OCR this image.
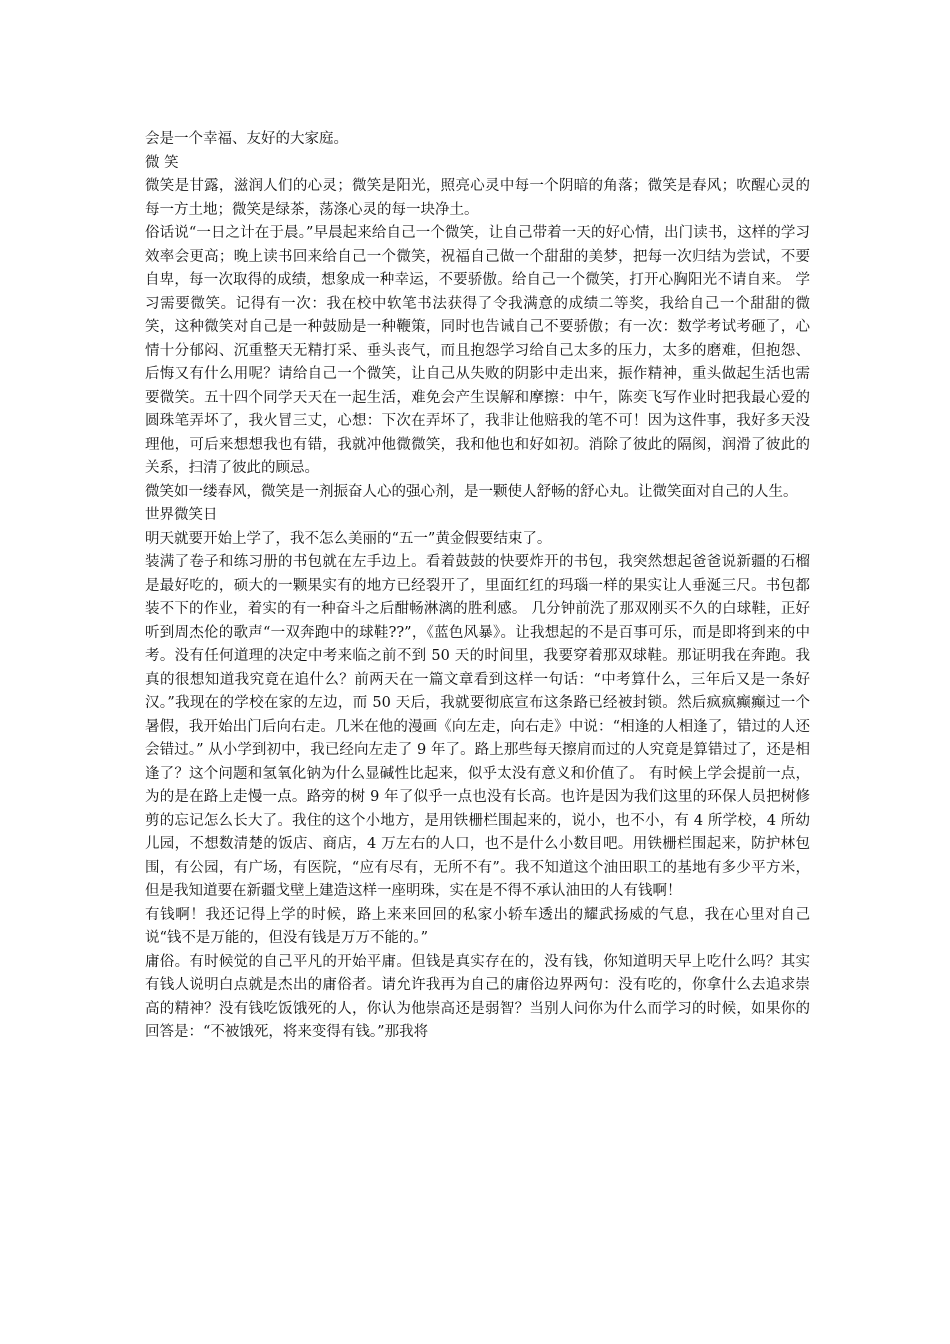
会是一个幸福、友好的大家庭。

微 笑

微笑是甘露，滋润人们的心灵；微笑是阳光，照亮心灵中每一个阴暗的角落；微笑是春风；吹醒心灵的每一方土地；微笑是绿茶，荡涤心灵的每一块净土。

俗话说“一日之计在于晨。”早晨起来给自己一个微笑，让自己带着一天的好心情，出门读书，这样的学习效率会更高；晚上读书回来给自己一个微笑，祝福自己做一个甜甜的美梦，把每一次归结为尝试，不要自卑，每一次取得的成绩，想象成一种幸运，不要骄傲。给自己一个微笑，打开心胸阳光不请自来。 学习需要微笑。记得有一次：我在校中软笔书法获得了令我满意的成绩二等奖，我给自己一个甜甜的微笑，这种微笑对自己是一种鼓励是一种鞭策，同时也告诫自己不要骄傲；有一次：数学考试考砸了，心情十分郁闷、沉重整天无精打采、垂头丧气，而且抱怨学习给自己太多的压力，太多的磨难，但抱怨、后悔又有什么用呢？请给自己一个微笑，让自己从失败的阴影中走出来，振作精神，重头做起生活也需要微笑。五十四个同学天天在一起生活，难免会产生误解和摩擦：中午，陈奕飞写作业时把我最心爱的圆珠笔弄坏了，我火冒三丈，心想：下次在弄坏了，我非让他赔我的笔不可！因为这件事，我好多天没理他，可后来想想我也有错，我就冲他微微笑，我和他也和好如初。消除了彼此的隔阂，润滑了彼此的关系，扫清了彼此的顾忌。

微笑如一缕春风，微笑是一剂振奋人心的强心剂，是一颗使人舒畅的舒心丸。让微笑面对自己的人生。

世界微笑日

明天就要开始上学了，我不怎么美丽的“五一”黄金假要结束了。

装满了卷子和练习册的书包就在左手边上。看着鼓鼓的快要炸开的书包，我突然想起爸爸说新疆的石榴是最好吃的，硕大的一颗果实有的地方已经裂开了，里面红红的玛瑙一样的果实让人垂涎三尺。书包都装不下的作业，着实的有一种奋斗之后酣畅淋漓的胜利感。 几分钟前洗了那双刚买不久的白球鞋，正好听到周杰伦的歌声“一双奔跑中的球鞋??”，《蓝色风暴》。让我想起的不是百事可乐，而是即将到来的中考。没有任何道理的决定中考来临之前不到 50 天的时间里，我要穿着那双球鞋。那证明我在奔跑。我真的很想知道我究竟在追什么？前两天在一篇文章看到这样一句话：“中考算什么，三年后又是一条好汉。”我现在的学校在家的左边，而 50 天后，我就要彻底宣布这条路已经被封锁。然后疯疯癫癫过一个暑假，我开始出门后向右走。几米在他的漫画《向左走，向右走》中说：“相逢的人相逢了，错过的人还会错过。” 从小学到初中，我已经向左走了 9 年了。路上那些每天擦肩而过的人究竟是算错过了，还是相逢了？这个问题和氢氧化钠为什么显碱性比起来，似乎太没有意义和价值了。 有时候上学会提前一点，为的是在路上走慢一点。路旁的树 9 年了似乎一点也没有长高。也许是因为我们这里的环保人员把树修剪的忘记怎么长大了。我住的这个小地方，是用铁栅栏围起来的，说小，也不小，有 4 所学校，4 所幼儿园，不想数清楚的饭店、商店，4 万左右的人口，也不是什么小数目吧。用铁栅栏围起来，防护林包围，有公园，有广场，有医院，“应有尽有，无所不有”。我不知道这个油田职工的基地有多少平方米，但是我知道要在新疆戈壁上建造这样一座明珠，实在是不得不承认油田的人有钱啊！

有钱啊！我还记得上学的时候，路上来来回回的私家小轿车透出的耀武扬威的气息，我在心里对自己说“钱不是万能的，但没有钱是万万不能的。”

庸俗。有时候觉的自己平凡的开始平庸。但钱是真实存在的，没有钱，你知道明天早上吃什么吗？其实有钱人说明白点就是杰出的庸俗者。请允许我再为自己的庸俗边界两句：没有吃的，你拿什么去追求崇高的精神？没有钱吃饭饿死的人，你认为他崇高还是弱智？当别人问你为什么而学习的时候，如果你的回答是：“不被饿死，将来变得有钱。”那我将
